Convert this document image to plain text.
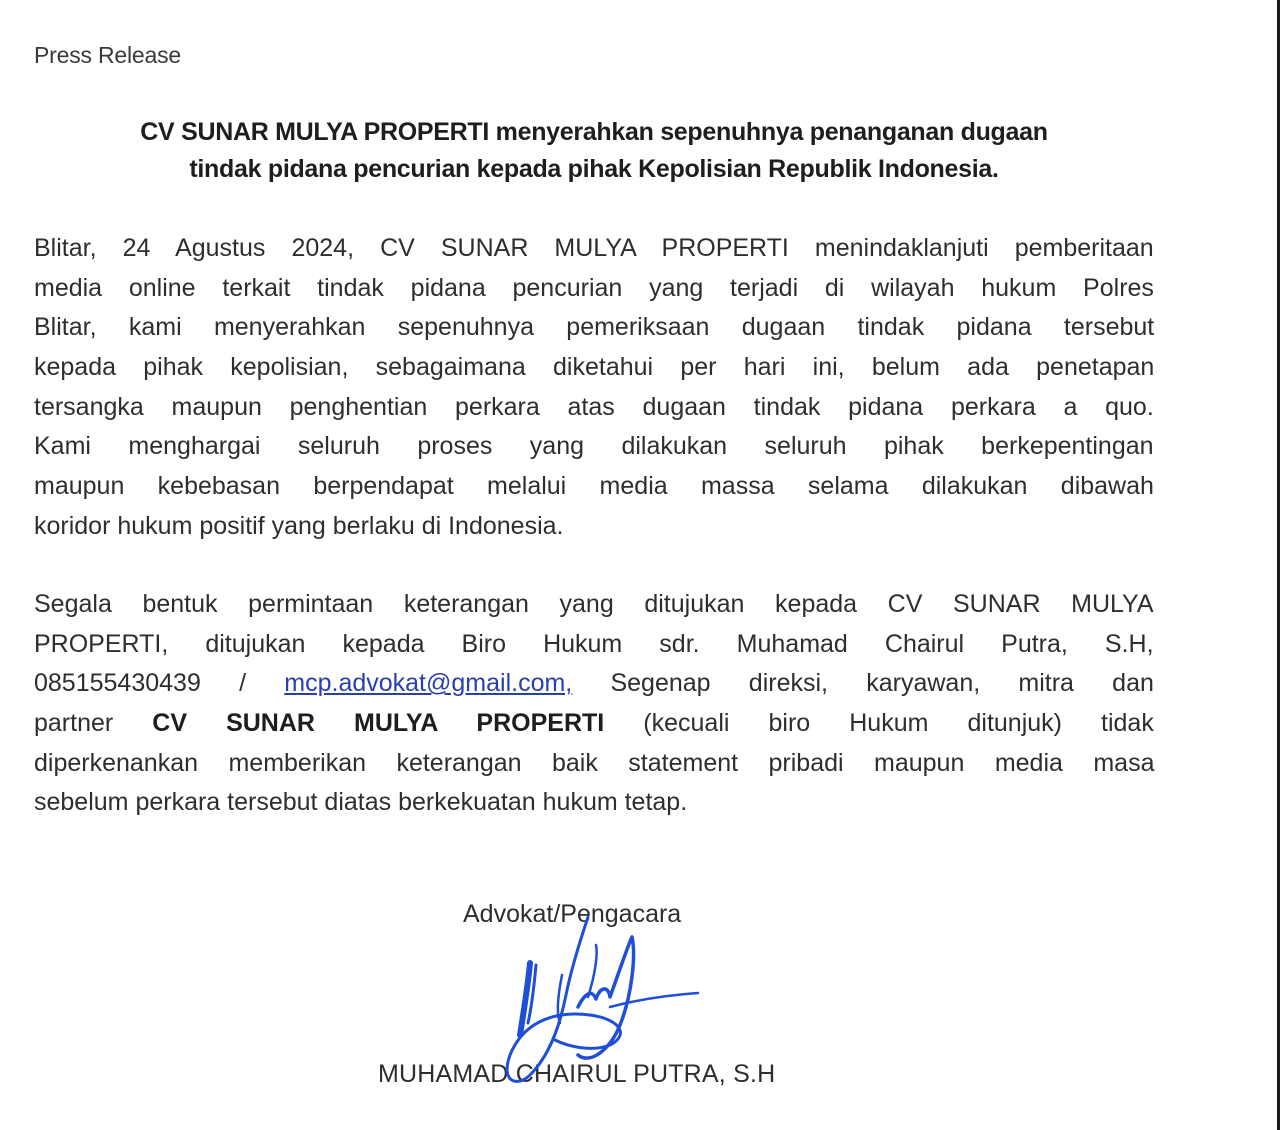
Press Release
CV SUNAR MULYA PROPERTI menyerahkan sepenuhnya penanganan dugaan
tindak pidana pencurian kepada pihak Kepolisian Republik Indonesia.
Blitar, 24 Agustus 2024, CV SUNAR MULYA PROPERTI menindaklanjuti pemberitaan
media online terkait tindak pidana pencurian yang terjadi di wilayah hukum Polres
Blitar, kami menyerahkan sepenuhnya pemeriksaan dugaan tindak pidana tersebut
kepada pihak kepolisian, sebagaimana diketahui per hari ini, belum ada penetapan
tersangka maupun penghentian perkara atas dugaan tindak pidana perkara a quo.
Kami menghargai seluruh proses yang dilakukan seluruh pihak berkepentingan
maupun kebebasan berpendapat melalui media massa selama dilakukan dibawah
koridor hukum positif yang berlaku di Indonesia.
Segala bentuk permintaan keterangan yang ditujukan kepada CV SUNAR MULYA
PROPERTI, ditujukan kepada Biro Hukum sdr. Muhamad Chairul Putra, S.H,
085155430439 / mcp.advokat@gmail.com, Segenap direksi, karyawan, mitra dan
partner CV SUNAR MULYA PROPERTI (kecuali biro Hukum ditunjuk) tidak
diperkenankan memberikan keterangan baik statement pribadi maupun media masa
sebelum perkara tersebut diatas berkekuatan hukum tetap.
Advokat/Pengacara
MUHAMAD CHAIRUL PUTRA, S.H
